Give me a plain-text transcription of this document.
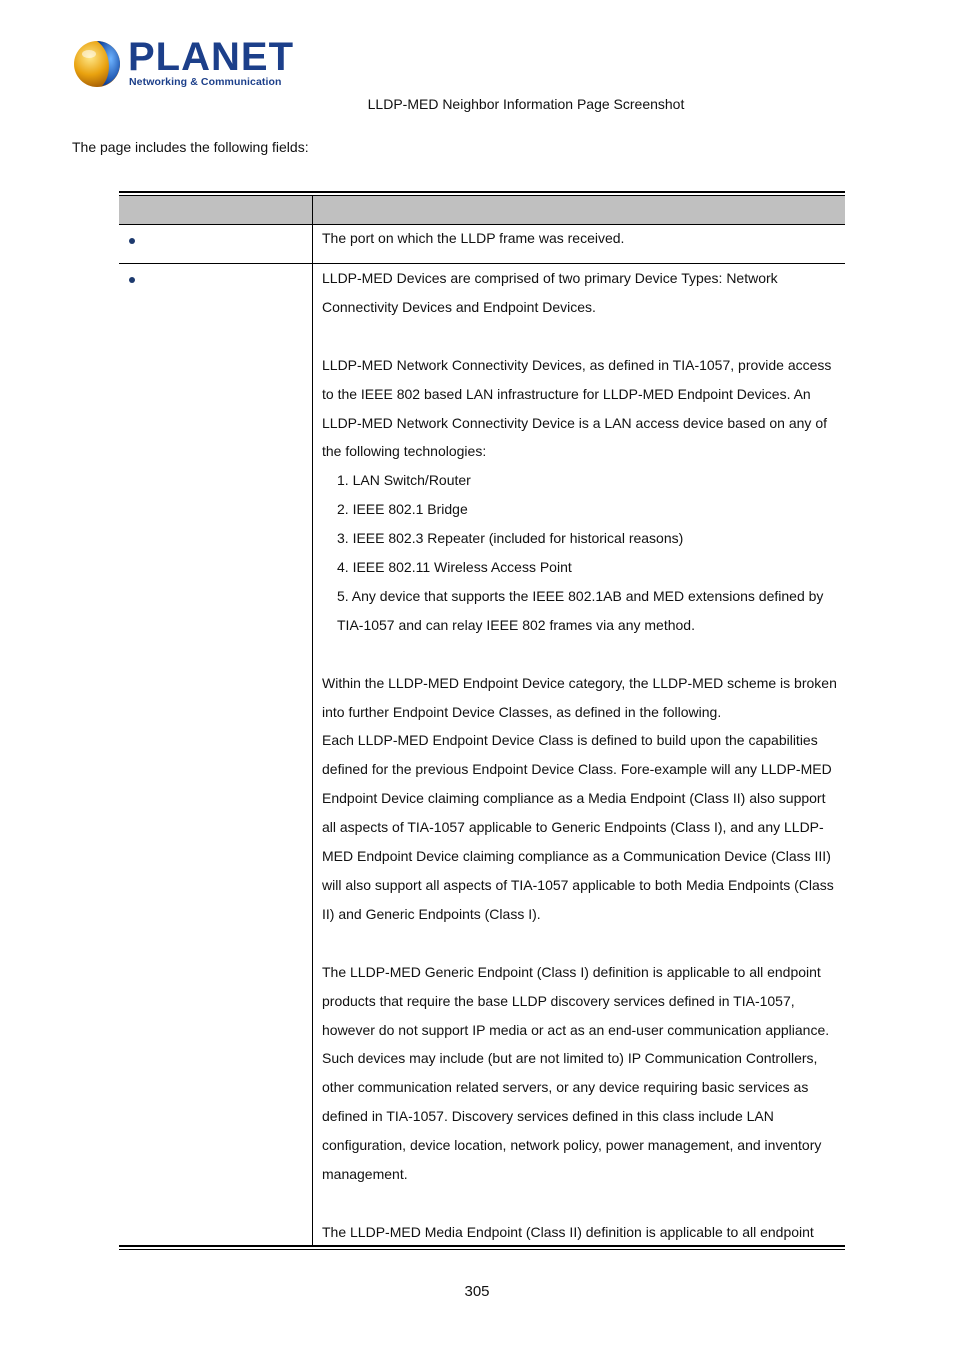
PLANET
Networking & Communication
LLDP-MED Neighbor Information Page Screenshot
The page includes the following fields:

The port on which the LLDP frame was received.

LLDP-MED Devices are comprised of two primary Device Types: Network Connectivity Devices and Endpoint Devices.

LLDP-MED Network Connectivity Devices, as defined in TIA-1057, provide access to the IEEE 802 based LAN infrastructure for LLDP-MED Endpoint Devices. An LLDP-MED Network Connectivity Device is a LAN access device based on any of the following technologies:

1. LAN Switch/Router
2. IEEE 802.1 Bridge
3. IEEE 802.3 Repeater (included for historical reasons)
4. IEEE 802.11 Wireless Access Point
5. Any device that supports the IEEE 802.1AB and MED extensions defined by TIA-1057 and can relay IEEE 802 frames via any method.

Within the LLDP-MED Endpoint Device category, the LLDP-MED scheme is broken into further Endpoint Device Classes, as defined in the following.

Each LLDP-MED Endpoint Device Class is defined to build upon the capabilities defined for the previous Endpoint Device Class. Fore-example will any LLDP-MED Endpoint Device claiming compliance as a Media Endpoint (Class II) also support all aspects of TIA-1057 applicable to Generic Endpoints (Class I), and any LLDP-MED Endpoint Device claiming compliance as a Communication Device (Class III) will also support all aspects of TIA-1057 applicable to both Media Endpoints (Class II) and Generic Endpoints (Class I).

The LLDP-MED Generic Endpoint (Class I) definition is applicable to all endpoint products that require the base LLDP discovery services defined in TIA-1057, however do not support IP media or act as an end-user communication appliance. Such devices may include (but are not limited to) IP Communication Controllers, other communication related servers, or any device requiring basic services as defined in TIA-1057. Discovery services defined in this class include LAN configuration, device location, network policy, power management, and inventory management.

The LLDP-MED Media Endpoint (Class II) definition is applicable to all endpoint

305
